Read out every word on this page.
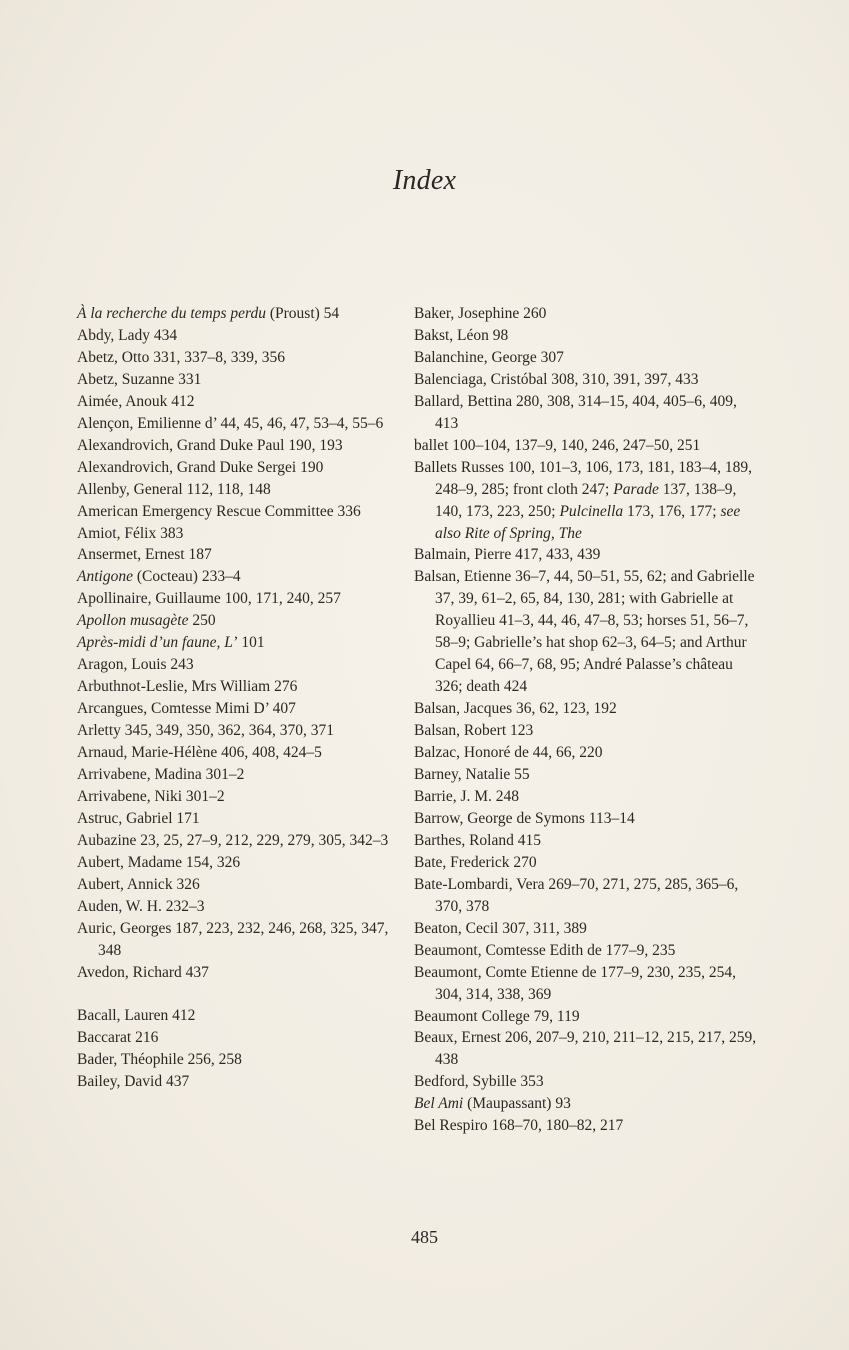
Index

À la recherche du temps perdu (Proust) 54

Abdy, Lady 434

Abetz, Otto 331, 337–8, 339, 356

Abetz, Suzanne 331

Aimée, Anouk 412

Alençon, Emilienne d’ 44, 45, 46, 47, 53–4, 55–6

Alexandrovich, Grand Duke Paul 190, 193

Alexandrovich, Grand Duke Sergei 190

Allenby, General 112, 118, 148

American Emergency Rescue Committee 336

Amiot, Félix 383

Ansermet, Ernest 187

Antigone (Cocteau) 233–4

Apollinaire, Guillaume 100, 171, 240, 257

Apollon musagète 250

Après-midi d’un faune, L’ 101

Aragon, Louis 243

Arbuthnot-Leslie, Mrs William 276

Arcangues, Comtesse Mimi D’ 407

Arletty 345, 349, 350, 362, 364, 370, 371

Arnaud, Marie-Hélène 406, 408, 424–5

Arrivabene, Madina 301–2

Arrivabene, Niki 301–2

Astruc, Gabriel 171

Aubazine 23, 25, 27–9, 212, 229, 279, 305, 342–3

Aubert, Madame 154, 326

Aubert, Annick 326

Auden, W. H. 232–3

Auric, Georges 187, 223, 232, 246, 268, 325, 347, 348

Avedon, Richard 437

Bacall, Lauren 412

Baccarat 216

Bader, Théophile 256, 258

Bailey, David 437

Baker, Josephine 260

Bakst, Léon 98

Balanchine, George 307

Balenciaga, Cristóbal 308, 310, 391, 397, 433

Ballard, Bettina 280, 308, 314–15, 404, 405–6, 409, 413

ballet 100–104, 137–9, 140, 246, 247–50, 251

Ballets Russes 100, 101–3, 106, 173, 181, 183–4, 189, 248–9, 285; front cloth 247; Parade 137, 138–9, 140, 173, 223, 250; Pulcinella 173, 176, 177; see also Rite of Spring, The

Balmain, Pierre 417, 433, 439

Balsan, Etienne 36–7, 44, 50–51, 55, 62; and Gabrielle 37, 39, 61–2, 65, 84, 130, 281; with Gabrielle at Royallieu 41–3, 44, 46, 47–8, 53; horses 51, 56–7, 58–9; Gabrielle’s hat shop 62–3, 64–5; and Arthur Capel 64, 66–7, 68, 95; André Palasse’s château 326; death 424

Balsan, Jacques 36, 62, 123, 192

Balsan, Robert 123

Balzac, Honoré de 44, 66, 220

Barney, Natalie 55

Barrie, J. M. 248

Barrow, George de Symons 113–14

Barthes, Roland 415

Bate, Frederick 270

Bate-Lombardi, Vera 269–70, 271, 275, 285, 365–6, 370, 378

Beaton, Cecil 307, 311, 389

Beaumont, Comtesse Edith de 177–9, 235

Beaumont, Comte Etienne de 177–9, 230, 235, 254, 304, 314, 338, 369

Beaumont College 79, 119

Beaux, Ernest 206, 207–9, 210, 211–12, 215, 217, 259, 438

Bedford, Sybille 353

Bel Ami (Maupassant) 93

Bel Respiro 168–70, 180–82, 217

485
